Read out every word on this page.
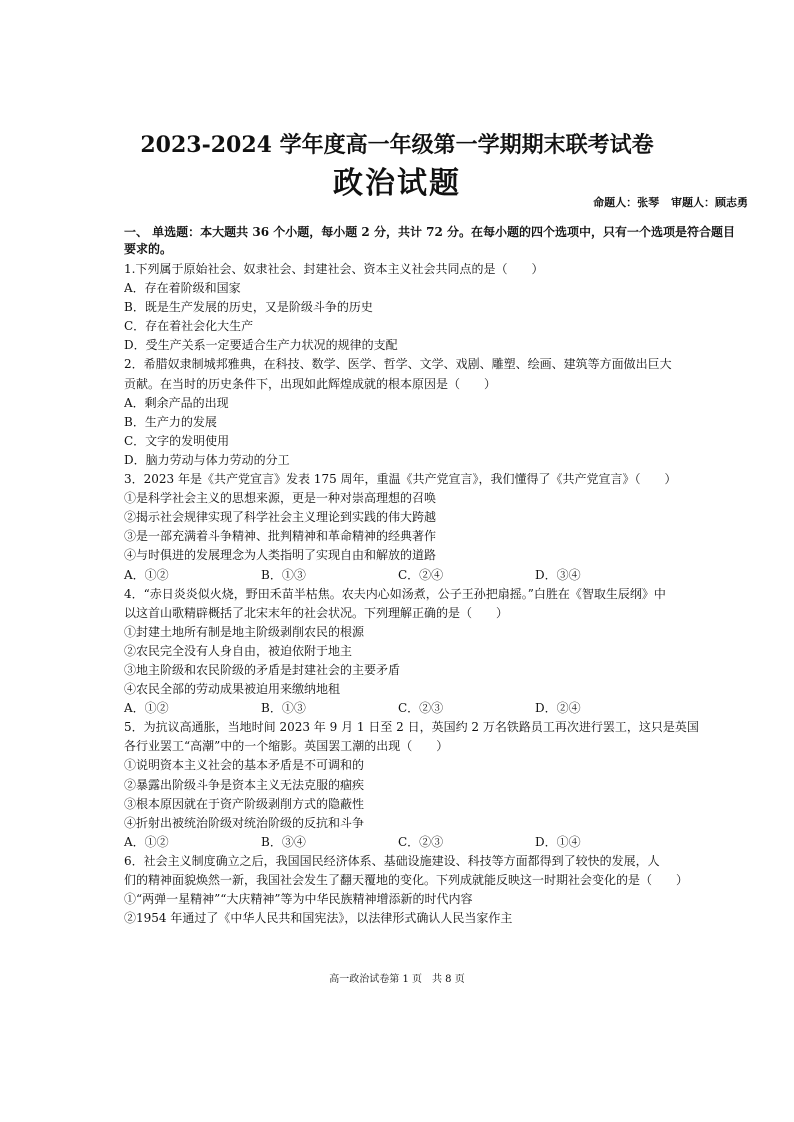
2023-2024 学年度高一年级第一学期期末联考试卷
政治试题
命题人：张琴 审题人：顾志勇
一、 单选题：本大题共 36 个小题，每小题 2 分，共计 72 分。在每小题的四个选项中，只有一个选项是符合题目要求的。
1.下列属于原始社会、奴隶社会、封建社会、资本主义社会共同点的是（　　）
A．存在着阶级和国家
B．既是生产发展的历史，又是阶级斗争的历史
C．存在着社会化大生产
D．受生产关系一定要适合生产力状况的规律的支配
2．希腊奴隶制城邦雅典，在科技、数学、医学、哲学、文学、戏剧、雕塑、绘画、建筑等方面做出巨大
贡献。在当时的历史条件下，出现如此辉煌成就的根本原因是（　　）
A．剩余产品的出现
B．生产力的发展
C．文字的发明使用
D．脑力劳动与体力劳动的分工
3．2023 年是《共产党宣言》发表 175 周年，重温《共产党宣言》，我们懂得了《共产党宣言》（　　）
①是科学社会主义的思想来源，更是一种对崇高理想的召唤
②揭示社会规律实现了科学社会主义理论到实践的伟大跨越
③是一部充满着斗争精神、批判精神和革命精神的经典著作
④与时俱进的发展理念为人类指明了实现自由和解放的道路
A．①②	B．①③	C．②④	D．③④
4．“赤日炎炎似火烧，野田禾苗半枯焦。农夫内心如汤煮，公子王孙把扇摇。”白胜在《智取生辰纲》中
以这首山歌精辟概括了北宋末年的社会状况。下列理解正确的是（　　）
①封建土地所有制是地主阶级剥削农民的根源
②农民完全没有人身自由，被迫依附于地主
③地主阶级和农民阶级的矛盾是封建社会的主要矛盾
④农民全部的劳动成果被迫用来缴纳地租
A．①②	B．①③	C．②③	D．②④
5．为抗议高通胀，当地时间 2023 年 9 月 1 日至 2 日，英国约 2 万名铁路员工再次进行罢工，这只是英国
各行业罢工“高潮”中的一个缩影。英国罢工潮的出现（　　）
①说明资本主义社会的基本矛盾是不可调和的
②暴露出阶级斗争是资本主义无法克服的痼疾
③根本原因就在于资产阶级剥削方式的隐蔽性
④折射出被统治阶级对统治阶级的反抗和斗争
A．①②	B．③④	C．②③	D．①④
6．社会主义制度确立之后，我国国民经济体系、基础设施建设、科技等方面都得到了较快的发展，人
们的精神面貌焕然一新，我国社会发生了翻天覆地的变化。下列成就能反映这一时期社会变化的是（　　）
①“两弹一星精神”“大庆精神”等为中华民族精神增添新的时代内容
②1954 年通过了《中华人民共和国宪法》，以法律形式确认人民当家作主
高一政治试卷第 1 页　共 8 页
